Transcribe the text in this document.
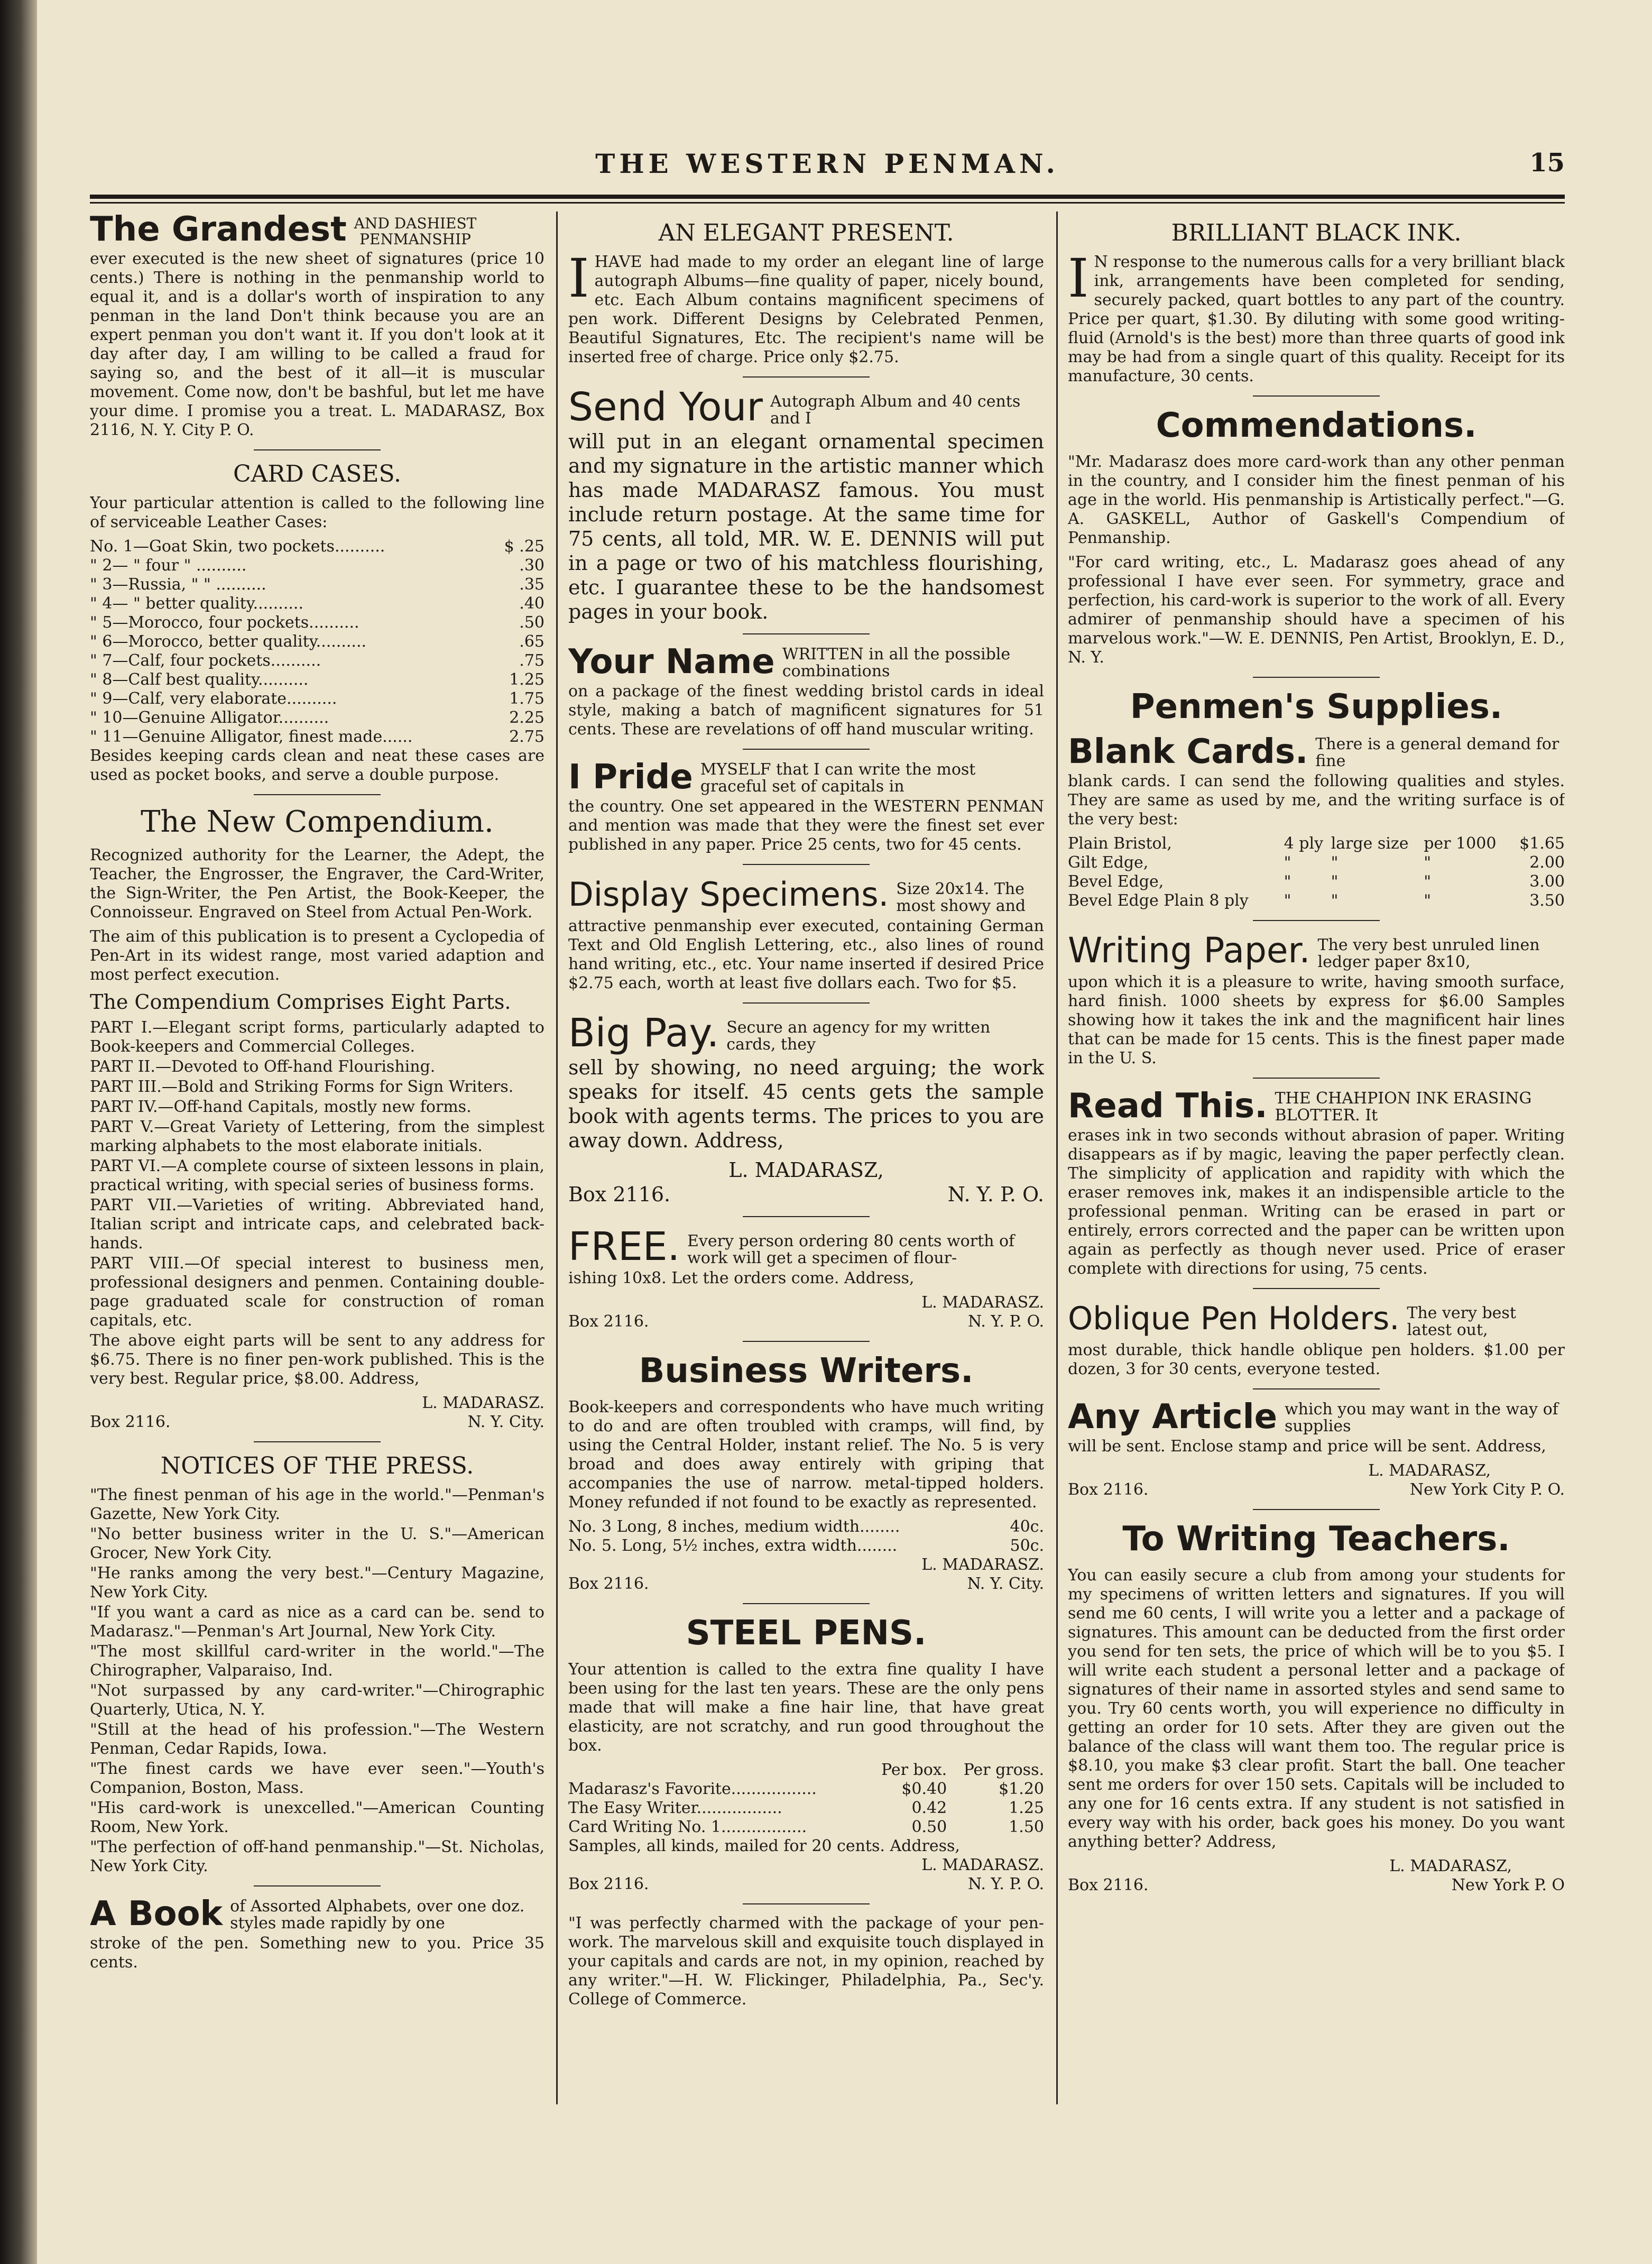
THE WESTERN PENMAN.	15
The Grandest AND DASHIEST
PENMANSHIP

ever executed is the new sheet of signatures (price 10 cents.) There is nothing in the penmanship world to equal it, and is a dollar's worth of inspiration to any penman in the land Don't think because you are an expert penman you don't want it. If you don't look at it day after day, I am willing to be called a fraud for saying so, and the best of it all—it is muscular movement. Come now, don't be bashful, but let me have your dime. I promise you a treat. L. MADARASZ, Box 2116, N. Y. City P. O.

CARD CASES.

Your particular attention is called to the following line of serviceable Leather Cases:

No. 1—Goat Skin, two pockets..........	$ .25
" 2— " four " ..........	.30
" 3—Russia, " " ..........	.35
" 4— " better quality..........	.40
" 5—Morocco, four pockets..........	.50
" 6—Morocco, better quality..........	.65
" 7—Calf, four pockets..........	.75
" 8—Calf best quality..........	1.25
" 9—Calf, very elaborate..........	1.75
" 10—Genuine Alligator..........	2.25
" 11—Genuine Alligator, finest made......	2.75

Besides keeping cards clean and neat these cases are used as pocket books, and serve a double purpose.

The New Compendium.

Recognized authority for the Learner, the Adept, the Teacher, the Engrosser, the Engraver, the Card-Writer, the Sign-Writer, the Pen Artist, the Book-Keeper, the Connoisseur. Engraved on Steel from Actual Pen-Work.

The aim of this publication is to present a Cyclopedia of Pen-Art in its widest range, most varied adaption and most perfect execution.

The Compendium Comprises Eight Parts.

PART I.—Elegant script forms, particularly adapted to Book-keepers and Commercial Colleges.

PART II.—Devoted to Off-hand Flourishing.

PART III.—Bold and Striking Forms for Sign Writers.

PART IV.—Off-hand Capitals, mostly new forms.

PART V.—Great Variety of Lettering, from the simplest marking alphabets to the most elaborate initials.

PART VI.—A complete course of sixteen lessons in plain, practical writing, with special series of business forms.

PART VII.—Varieties of writing. Abbreviated hand, Italian script and intricate caps, and celebrated back-hands.

PART VIII.—Of special interest to business men, professional designers and penmen. Containing double-page graduated scale for construction of roman capitals, etc.

The above eight parts will be sent to any address for $6.75. There is no finer pen-work published. This is the very best. Regular price, $8.00. Address,

L. MADARASZ.

Box 2116.	N. Y. City.
NOTICES OF THE PRESS.

"The finest penman of his age in the world."—Penman's Gazette, New York City.

"No better business writer in the U. S."—American Grocer, New York City.

"He ranks among the very best."—Century Magazine, New York City.

"If you want a card as nice as a card can be. send to Madarasz."—Penman's Art Journal, New York City.

"The most skillful card-writer in the world."—The Chirographer, Valparaiso, Ind.

"Not surpassed by any card-writer."—Chirographic Quarterly, Utica, N. Y.

"Still at the head of his profession."—The Western Penman, Cedar Rapids, Iowa.

"The finest cards we have ever seen."—Youth's Companion, Boston, Mass.

"His card-work is unexcelled."—American Counting Room, New York.

"The perfection of off-hand penmanship."—St. Nicholas, New York City.

A Book of Assorted Alphabets, over one doz. styles made rapidly by one

stroke of the pen. Something new to you. Price 35 cents.

AN ELEGANT PRESENT.

IHAVE had made to my order an elegant line of large autograph Albums—fine quality of paper, nicely bound, etc. Each Album contains magnificent specimens of pen work. Different Designs by Celebrated Penmen, Beautiful Signatures, Etc. The recipient's name will be inserted free of charge. Price only $2.75.

Send Your Autograph Album and 40 cents and I

will put in an elegant ornamental specimen and my signature in the artistic manner which has made MADARASZ famous. You must include return postage. At the same time for 75 cents, all told, MR. W. E. DENNIS will put in a page or two of his matchless flourishing, etc. I guarantee these to be the handsomest pages in your book.

Your Name WRITTEN in all the possible combinations

on a package of the finest wedding bristol cards in ideal style, making a batch of magnificent signatures for 51 cents. These are revelations of off hand muscular writing.

I Pride MYSELF that I can write the most graceful set of capitals in

the country. One set appeared in the WESTERN PENMAN and mention was made that they were the finest set ever published in any paper. Price 25 cents, two for 45 cents.

Display Specimens. Size 20x14. The most showy and

attractive penmanship ever executed, containing German Text and Old English Lettering, etc., also lines of round hand writing, etc., etc. Your name inserted if desired Price $2.75 each, worth at least five dollars each. Two for $5.

Big Pay. Secure an agency for my written cards, they

sell by showing, no need arguing; the work speaks for itself. 45 cents gets the sample book with agents terms. The prices to you are away down. Address,

L. MADARASZ,

Box 2116.	N. Y. P. O.
FREE. Every person ordering 80 cents worth of work will get a specimen of flour-

ishing 10x8. Let the orders come. Address,

L. MADARASZ.

Box 2116.	N. Y. P. O.
Business Writers.

Book-keepers and correspondents who have much writing to do and are often troubled with cramps, will find, by using the Central Holder, instant relief. The No. 5 is very broad and does away entirely with griping that accompanies the use of narrow. metal-tipped holders. Money refunded if not found to be exactly as represented.

No. 3 Long, 8 inches, medium width........	40c.
No. 5. Long, 5½ inches, extra width........	50c.

L. MADARASZ.

Box 2116.	N. Y. City.
STEEL PENS.

Your attention is called to the extra fine quality I have been using for the last ten years. These are the only pens made that will make a fine hair line, that have great elasticity, are not scratchy, and run good throughout the box.

	Per box.	Per gross.
Madarasz's Favorite.................	$0.40	$1.20
The Easy Writer.................	0.42	1.25
Card Writing No. 1.................	0.50	1.50

Samples, all kinds, mailed for 20 cents. Address,

L. MADARASZ.

Box 2116.	N. Y. P. O.

"I was perfectly charmed with the package of your pen-work. The marvelous skill and exquisite touch displayed in your capitals and cards are not, in my opinion, reached by any writer."—H. W. Flickinger, Philadelphia, Pa., Sec'y. College of Commerce.

BRILLIANT BLACK INK.

I N response to the numerous calls for a very brilliant black ink, arrangements have been completed for sending, securely packed, quart bottles to any part of the country. Price per quart, $1.30. By diluting with some good writing-fluid (Arnold's is the best) more than three quarts of good ink may be had from a single quart of this quality. Receipt for its manufacture, 30 cents.

Commendations.

"Mr. Madarasz does more card-work than any other penman in the country, and I consider him the finest penman of his age in the world. His penmanship is Artistically perfect."—G. A. GASKELL, Author of Gaskell's Compendium of Penmanship.

"For card writing, etc., L. Madarasz goes ahead of any professional I have ever seen. For symmetry, grace and perfection, his card-work is superior to the work of all. Every admirer of penmanship should have a specimen of his marvelous work."—W. E. DENNIS, Pen Artist, Brooklyn, E. D., N. Y.

Penmen's Supplies.
Blank Cards. There is a general demand for fine

blank cards. I can send the following qualities and styles. They are same as used by me, and the writing surface is of the very best:

Plain Bristol,	4 ply	large size	per 1000	$1.65
Gilt Edge,	"	"	"	2.00
Bevel Edge,	"	"	"	3.00
Bevel Edge Plain 8 ply	"	"	"	3.50
Writing Paper. The very best unruled linen ledger paper 8x10,

upon which it is a pleasure to write, having smooth surface, hard finish. 1000 sheets by express for $6.00 Samples showing how it takes the ink and the magnificent hair lines that can be made for 15 cents. This is the finest paper made in the U. S.

Read This. THE CHAHPION INK ERASING BLOTTER. It

erases ink in two seconds without abrasion of paper. Writing disappears as if by magic, leaving the paper perfectly clean. The simplicity of application and rapidity with which the eraser removes ink, makes it an indispensible article to the professional penman. Writing can be erased in part or entirely, errors corrected and the paper can be written upon again as perfectly as though never used. Price of eraser complete with directions for using, 75 cents.

Oblique Pen Holders. The very best latest out,

most durable, thick handle oblique pen holders. $1.00 per dozen, 3 for 30 cents, everyone tested.

Any Article which you may want in the way of supplies

will be sent. Enclose stamp and price will be sent. Address,

L. MADARASZ,

Box 2116.	New York City P. O.
To Writing Teachers.

You can easily secure a club from among your students for my specimens of written letters and signatures. If you will send me 60 cents, I will write you a letter and a package of signatures. This amount can be deducted from the first order you send for ten sets, the price of which will be to you $5. I will write each student a personal letter and a package of signatures of their name in assorted styles and send same to you. Try 60 cents worth, you will experience no difficulty in getting an order for 10 sets. After they are given out the balance of the class will want them too. The regular price is $8.10, you make $3 clear profit. Start the ball. One teacher sent me orders for over 150 sets. Capitals will be included to any one for 16 cents extra. If any student is not satisfied in every way with his order, back goes his money. Do you want anything better? Address,

L. MADARASZ,

Box 2116.	New York P. O
